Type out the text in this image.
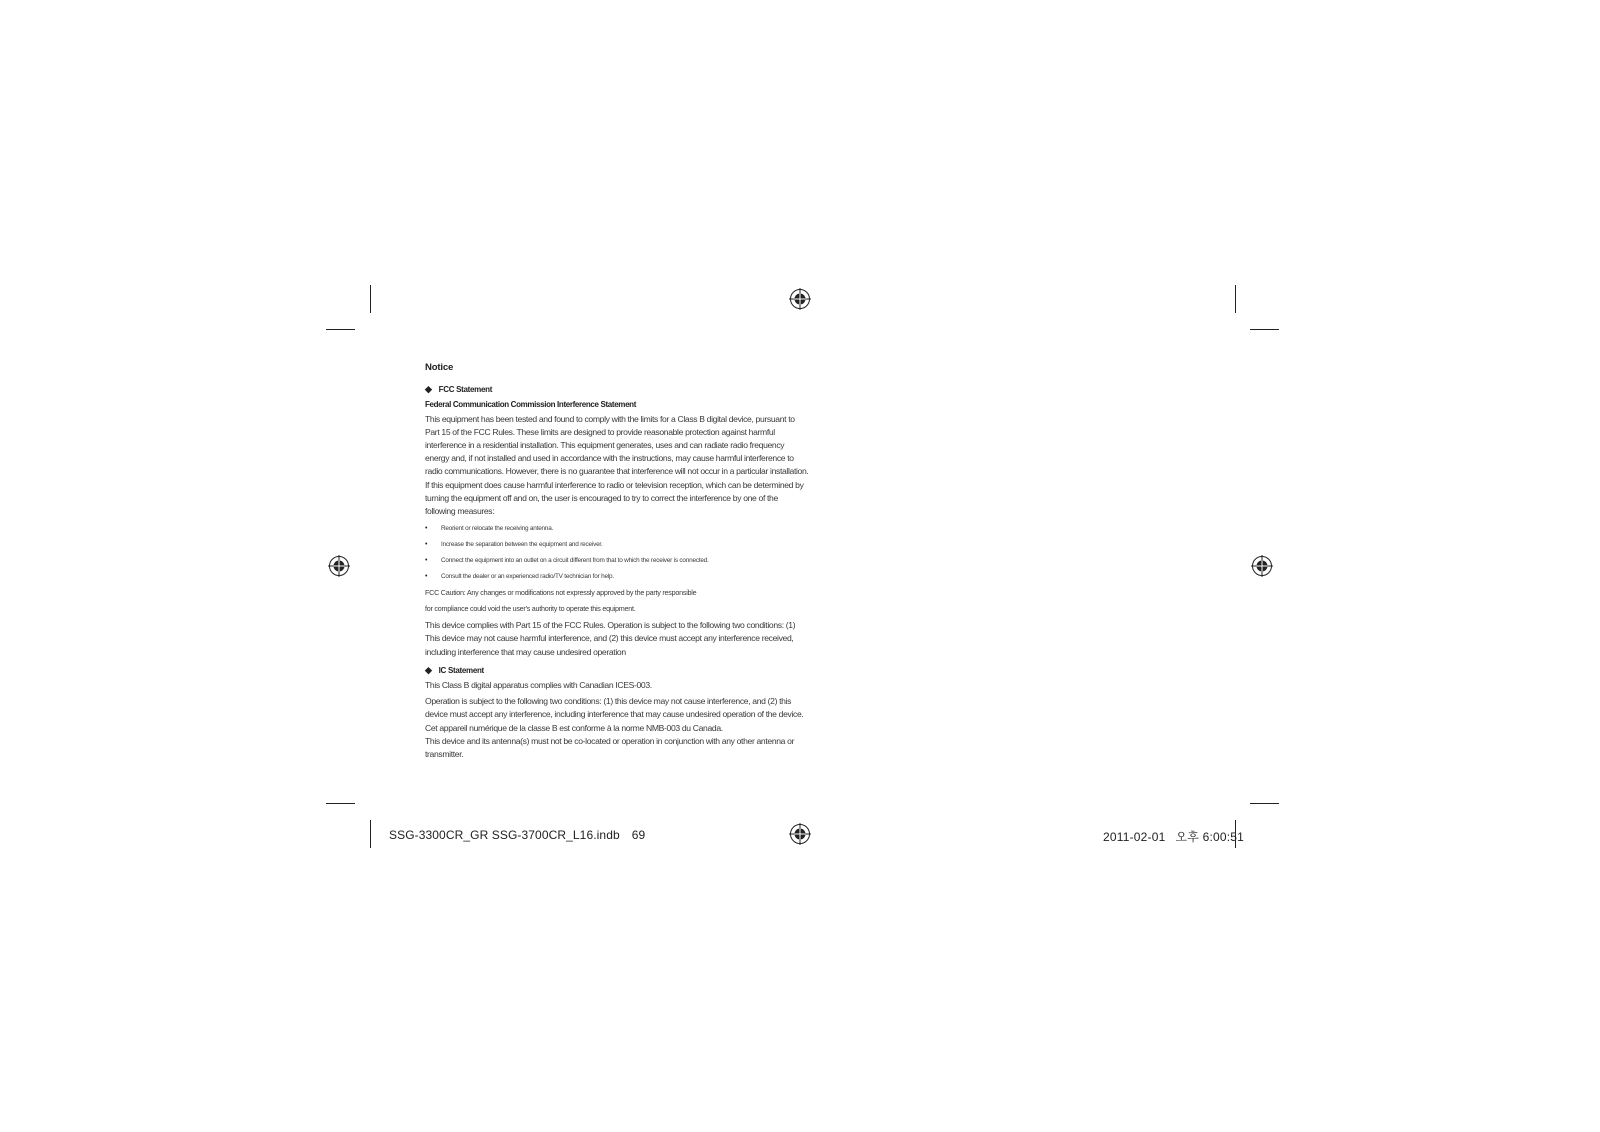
Notice
◆ FCC Statement
Federal Communication Commission Interference Statement

This equipment has been tested and found to comply with the limits for a Class B digital device, pursuant to Part 15 of the FCC Rules. These limits are designed to provide reasonable protection against harmful interference in a residential installation. This equipment generates, uses and can radiate radio frequency energy and, if not installed and used in accordance with the instructions, may cause harmful interference to radio communications. However, there is no guarantee that interference will not occur in a particular installation. If this equipment does cause harmful interference to radio or television reception, which can be determined by turning the equipment off and on, the user is encouraged to try to correct the interference by one of the following measures:

•	Reorient or relocate the receiving antenna.
•	Increase the separation between the equipment and receiver.
•	Connect the equipment into an outlet on a circuit different from that to which the receiver is connected.
•	Consult the dealer or an experienced radio/TV technician for help.
FCC Caution: Any changes or modifications not expressly approved by the party responsible
for compliance could void the user's authority to operate this equipment.

This device complies with Part 15 of the FCC Rules. Operation is subject to the following two conditions: (1) This device may not cause harmful interference, and (2) this device must accept any interference received, including interference that may cause undesired operation

◆ IC Statement

This Class B digital apparatus complies with Canadian ICES-003.

Operation is subject to the following two conditions: (1) this device may not cause interference, and (2) this device must accept any interference, including interference that may cause undesired operation of the device.

Cet appareil numérique de la classe B est conforme à la norme NMB-003 du Canada.

This device and its antenna(s) must not be co-located or operation in conjunction with any other antenna or transmitter.

SSG-3300CR_GR SSG-3700CR_L16.indb 69	2011-02-01 오후 6:00:51
